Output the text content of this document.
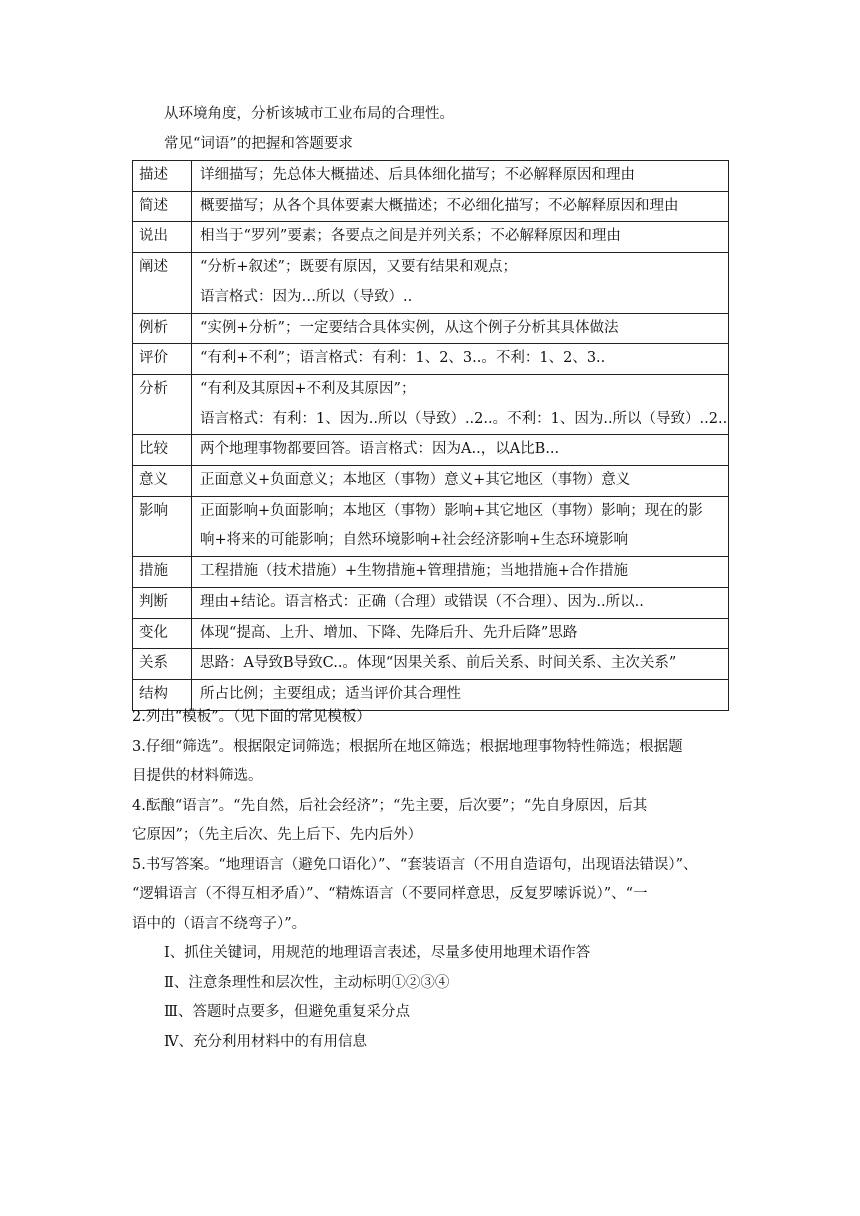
从环境角度，分析该城市工业布局的合理性。
常见“词语”的把握和答题要求
描述	详细描写；先总体大概描述、后具体细化描写；不必解释原因和理由

简述	概要描写；从各个具体要素大概描述；不必细化描写；不必解释原因和理由

说出	相当于“罗列”要素；各要点之间是并列关系；不必解释原因和理由

阐述	“分析+叙述”；既要有原因，又要有结果和观点；
语言格式：因为…所以（导致）..

例析	“实例+分析”；一定要结合具体实例，从这个例子分析其具体做法

评价	“有利+不利”；语言格式：有利：1、2、3..。不利：1、2、3..

分析	“有利及其原因+不利及其原因”；
语言格式：有利：1、因为..所以（导致）..2..。不利：1、因为..所以（导致）..2..

比较	两个地理事物都要回答。语言格式：因为A..，以A比B...

意义	正面意义+负面意义；本地区（事物）意义+其它地区（事物）意义

影响	正面影响+负面影响；本地区（事物）影响+其它地区（事物）影响；现在的影
响+将来的可能影响；自然环境影响+社会经济影响+生态环境影响

措施	工程措施（技术措施）+生物措施+管理措施；当地措施+合作措施

判断	理由+结论。语言格式：正确（合理）或错误（不合理）、因为..所以..

变化	体现“提高、上升、增加、下降、先降后升、先升后降”思路

关系	思路：A导致B导致C..。体现“因果关系、前后关系、时间关系、主次关系”

结构	所占比例；主要组成；适当评价其合理性
2.列出“模板”。（见下面的常见模板）
3.仔细“筛选”。根据限定词筛选；根据所在地区筛选；根据地理事物特性筛选；根据题
目提供的材料筛选。
4.酝酿“语言”。“先自然，后社会经济”；“先主要，后次要”；“先自身原因，后其
它原因”；（先主后次、先上后下、先内后外）
5.书写答案。“地理语言（避免口语化）”、“套装语言（不用自造语句，出现语法错误）”、
“逻辑语言（不得互相矛盾）”、“精炼语言（不要同样意思，反复罗嗦诉说）”、“一
语中的（语言不绕弯子）”。
Ⅰ、抓住关键词，用规范的地理语言表述，尽量多使用地理术语作答
Ⅱ、注意条理性和层次性，主动标明①②③④
Ⅲ、答题时点要多，但避免重复采分点
Ⅳ、充分利用材料中的有用信息
